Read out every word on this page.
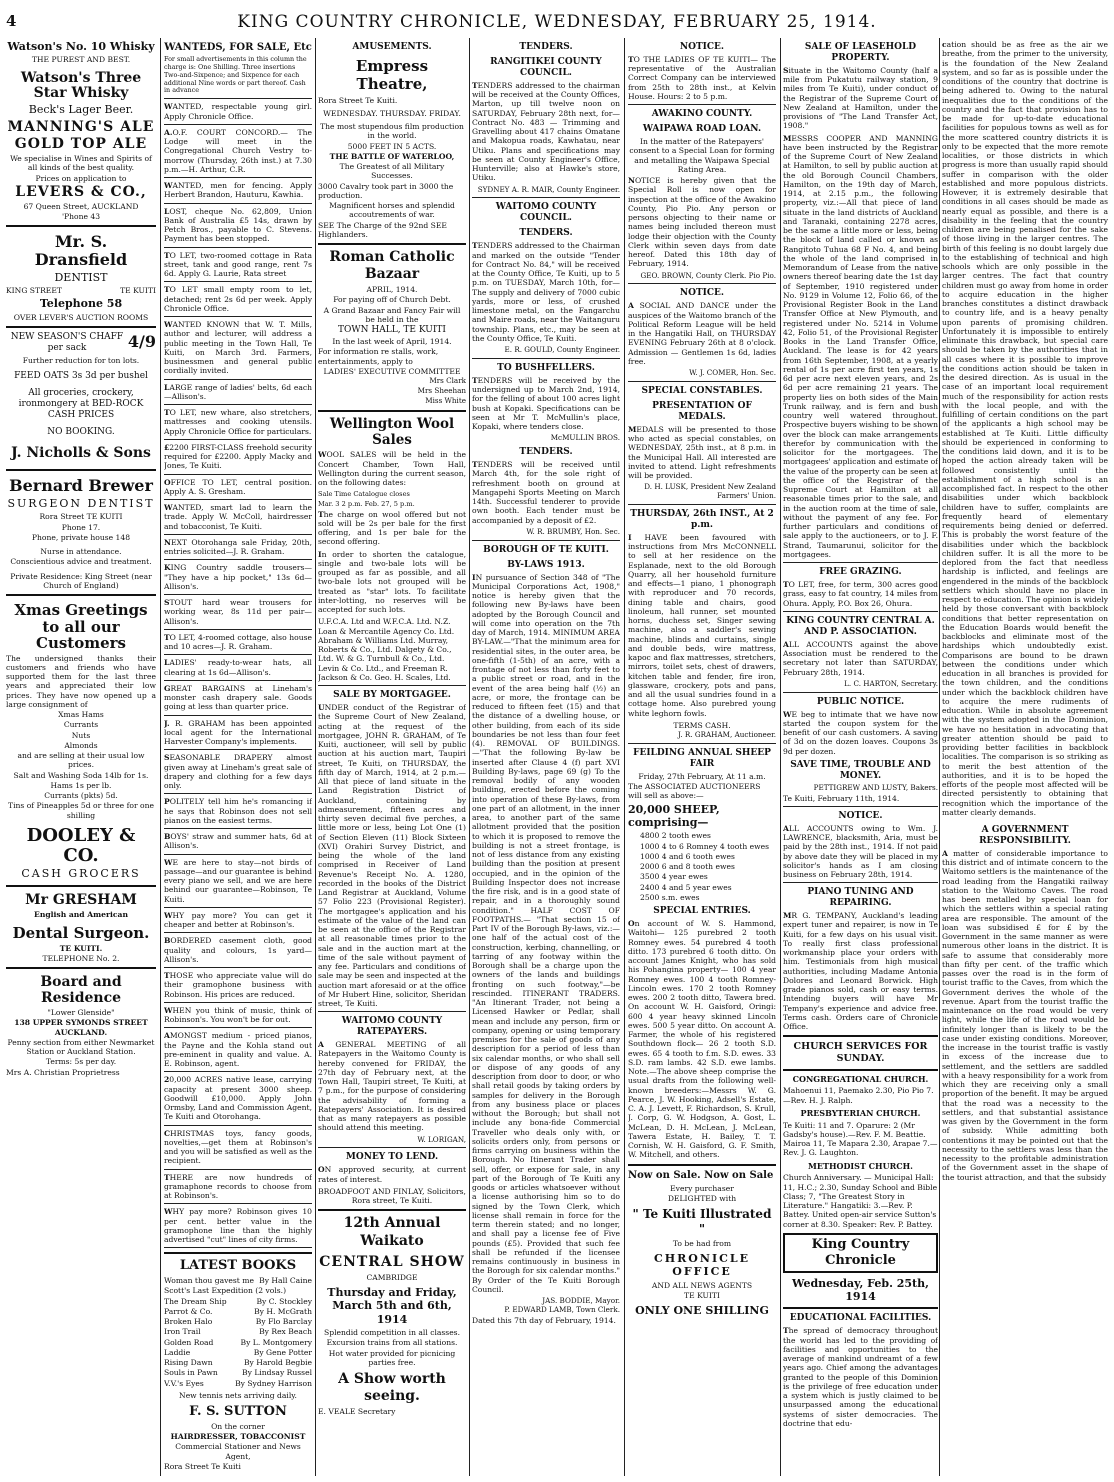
4	KING COUNTRY CHRONICLE, WEDNESDAY, FEBRUARY 25, 1914.
Watson's No. 10 Whisky
THE PUREST AND BEST.
Watson's Three Star Whisky
Beck's Lager Beer.
MANNING'S ALE
GOLD TOP ALE
We specialise in Wines and Spirits of all kinds of the best quality.
Prices on application to
LEVERS & CO.,
67 Queen Street, AUCKLAND
'Phone 43
Mr. S. Dransfield
DENTIST
KING STREET	TE KUITI
Telephone 58
OVER LEVER'S AUCTION ROOMS
NEW SEASON'S CHAFF per sack	4/9
Further reduction for ton lots.
FEED OATS 3s 3d per bushel
All groceries, crockery, ironmongery at BED-ROCK CASH PRICES
NO BOOKING.
J. Nicholls & Sons
Bernard Brewer
SURGEON DENTIST
Rora Street TE KUITI
Phone 17.
Phone, private house 148
Nurse in attendance.
Conscientious advice and treatment.
Private Residence: King Street (near Church of England)
Xmas Greetings to all our Customers
The undersigned thanks their customers and friends who have supported them for the last three years and appreciated their low prices. They have now opened up a large consignment of
Xmas Hams
Currants
Nuts
Almonds
and are selling at their usual low prices.
Salt and Washing Soda 14lb for 1s.
Hams 1s per lb.
Currants (pkts) 5d.
Tins of Pineapples 5d or three for one shilling
DOOLEY & CO.
CASH GROCERS
Mr GRESHAM
English and American
Dental Surgeon.
TE KUITI.
TELEPHONE No. 2.
Board and Residence
"Lower Glenside"
138 UPPER SYMONDS STREET AUCKLAND.
Penny section from either Newmarket Station or Auckland Station.
Terms: 5s per day.
Mrs A. Christian Proprietress
WANTEDS, FOR SALE, Etc
For small advertisements in this column the charge is: One Shilling. Three insertions Two-and-Sixpence; and Sixpence for each additional Nine words or part thereof. Cash in advance
WANTED, respectable young girl. Apply Chronicle Office.
A.O.F. COURT CONCORD.— The Lodge will meet in the Congregational Church Vestry to-morrow (Thursday, 26th inst.) at 7.30 p.m.—H. Arthur, C.R.
WANTED, men for fencing. Apply Herbert Brandon, Hauturu, Kawhia.
LOST, cheque No. 62,809, Union Bank of Australia £5 14s, drawn by Petch Bros., payable to C. Stevens. Payment has been stopped.
TO LET, two-roomed cottage in Rata street, tank and good range, rent 7s 6d. Apply G. Laurie, Rata street
TO LET small empty room to let, detached; rent 2s 6d per week. Apply Chronicle Office.
WANTED KNOWN that W. T. Mills, author and lecturer, will address a public meeting in the Town Hall, Te Kuiti, on March 3rd. Farmers, businessmen and general public cordially invited.
LARGE range of ladies' belts, 6d each—Allison's.
TO LET, new whare, also stretchers, mattresses and cooking utensils. Apply Chronicle Office for particulars.
£2200 FIRST-CLASS freehold security required for £2200. Apply Macky and Jones, Te Kuiti.
OFFICE TO LET, central position. Apply A. S. Gresham.
WANTED, smart lad to learn the trade. Apply W. McColl, hairdresser and tobacconist, Te Kuiti.
NEXT Otorohanga sale Friday, 20th, entries solicited—J. R. Graham.
KING Country saddle trousers— "They have a hip pocket," 13s 6d—Allison's.
STOUT hard wear trousers for working wear, 8s 11d per pair—Allison's.
TO LET, 4-roomed cottage, also house and 10 acres—J. R. Graham.
LADIES' ready-to-wear hats, all clearing at 1s 6d—Allison's.
GREAT BARGAINS at Lineham's monster cash drapery sale. Goods going at less than quarter price.
J. R. GRAHAM has been appointed local agent for the International Harvester Company's implements.
SEASONABLE DRAPERY almost given away at Lineham's great sale of drapery and clothing for a few days only.
POLITELY tell him he's romancing if he says that Robinson does not sell pianos on the easiest terms.
BOYS' straw and summer hats, 6d at Allison's.
WE are here to stay—not birds of passage—and our guarantee is behind every piano we sell, and we are here behind our guarantee—Robinson, Te Kuiti.
WHY pay more? You can get it cheaper and better at Robinson's.
BORDERED casement cloth, good quality and colours, 1s yard—Allison's.
THOSE who appreciate value will do their gramophone business with Robinson. His prices are reduced.
WHEN you think of music, think of Robinson's. You won't be for out.
AMONGST medium - priced pianos, the Payne and the Kohla stand out pre-eminent in quality and value. A. E. Robinson, agent.
20,000 ACRES native lease, carrying capacity at present 3000 sheep. Goodwill £10,000. Apply John Ormsby, Land and Commission Agent, Te Kuiti and Otorohanga.
CHRISTMAS toys, fancy goods, novelties,—get them at Robinson's and you will be satisfied as well as the recipient.
THERE are now hundreds of gramaphone records to choose from at Robinson's.
WHY pay more? Robinson gives 10 per cent. better value in the gramophone line than the highly advertised "cut" lines of city firms.
LATEST BOOKS
Woman thou gavest me By Hall Caine
Scott's Last Expedition (2 vols.)
The Dream Ship	By C. Stockley
Parrot & Co.	By H. McGrath
Broken Halo	By Flo Barclay
Iron Trail	By Rex Beach
Golden Road	By L. Montgomery
Laddie	By Gene Potter
Rising Dawn	By Harold Begbie
Souls in Pawn	By Lindsay Russel
V.V.'s Eyes	By Sydney Harrison
New tennis nets arriving daily.
F. S. SUTTON
On the corner
HAIRDRESSER, TOBACCONIST
Commercial Stationer and News Agent,
Rora Street Te Kuiti
AMUSEMENTS.
Empress Theatre,
Rora Street Te Kuiti.
WEDNESDAY. THURSDAY. FRIDAY.
The most stupendous film production in the world.
5000 FEET IN 5 ACTS.
THE BATTLE OF WATERLOO,
The Greatest of all Military Successes.
3000 Cavalry took part in 3000 the production.
Magnificent horses and splendid accoutrements of war.
SEE The Charge of the 92nd SEE Highlanders.
Roman Catholic Bazaar
APRIL, 1914.
For paying off of Church Debt.
A Grand Bazaar and Fancy Fair will be held in the
TOWN HALL, TE KUITI
In the last week of April, 1914.
For information re stalls, work, entertainments, apply to
LADIES' EXECUTIVE COMMITTEE
Mrs Clark
Mrs Sheehan
Miss White
Wellington Wool Sales
WOOL SALES will be held in the Concert Chamber, Town Hall, Wellington during the current season, on the following dates:
Sale Time Catalogue closes
Mar. 3 2 p.m. Feb. 27, 5 p.m.
The charge on wool offered but not sold will be 2s per bale for the first offering, and 1s per bale for the second offering.
In order to shorten the catalogue, single and two-bale lots will be grouped as far as possible, and all two-bale lots not grouped will be treated as "star" lots. To facilitate inter-lotting, no reserves will be accepted for such lots.
U.F.C.A. Ltd and W.F.C.A. Ltd. N.Z. Loan & Mercantile Agency Co. Ltd. Abraham & Williams Ltd. Murray, Roberts & Co., Ltd. Dalgety & Co., Ltd. W. & G. Turnbull & Co., Ltd. Levin & Co. Ltd., and Freeman R. Jackson & Co. Geo. H. Scales, Ltd.
SALE BY MORTGAGEE.
UNDER conduct of the Registrar of the Supreme Court of New Zealand, acting at the request of the mortgagee, JOHN R. GRAHAM, of Te Kuiti, auctioneer, will sell by public auction at his auction mart, Taupiri street, Te Kuiti, on THURSDAY, the fifth day of March, 1914, at 2 p.m.— All that piece of land situate in the Land Registration District of Auckland, containing by admeasurement, fifteen acres and thirty seven decimal five perches, a little more or less, being Lot One (1) of Section Eleven (11) Block Sixteen (XVI) Orahiri Survey District, and being the whole of the land comprised in Receiver of Land Revenue's Receipt No. A. 1280, recorded in the books of the District Land Registrar at Auckland, Volume 57 Folio 223 (Provisional Register). The mortgagee's application and his estimate of the value of the land can be seen at the office of the Registrar at all reasonable times prior to the sale and in the auction mart at the time of the sale without payment of any fee. Particulars and conditions of sale may be seen and inspected at the auction mart aforesaid or at the office of Mr Hubert Hine, solicitor, Sheridan street, Te Kuiti.
WAITOMO COUNTY RATEPAYERS.
A GENERAL MEETING of all Ratepayers in the Waitomo County is hereby convened for FRIDAY, the 27th day of February next, at the Town Hall, Taupiri street, Te Kuiti, at 7 p.m., for the purpose of considering the advisability of forming a Ratepayers' Association. It is desired that as many ratepayers as possible should attend this meeting.
W. LORIGAN,
MONEY TO LEND.
ON approved security, at current rates of interest.
BROADFOOT AND FINLAY, Solicitors, Rora street, Te Kuiti.
12th Annual Waikato
CENTRAL SHOW
CAMBRIDGE
Thursday and Friday, March 5th and 6th, 1914
Splendid competition in all classes.
Excursion trains from all stations.
Hot water provided for picnicing parties free.
A Show worth seeing.
E. VEALE Secretary
TENDERS.
RANGITIKEI COUNTY COUNCIL.
TENDERS addressed to the chairman will be received at the County Offices, Marton, up till twelve noon on SATURDAY, February 28th next, for— Contract No. 483 — Trimming and Gravelling about 417 chains Omatane and Makopua roads, Kawhatau, near Utiku. Plans and specifications may be seen at County Engineer's Office, Hunterville; also at Hawke's store, Utiku.
SYDNEY A. R. MAIR, County Engineer.
WAITOMO COUNTY COUNCIL.
TENDERS.
TENDERS addressed to the Chairman and marked on the outside "Tender for Contract No. 84," will be received at the County Office, Te Kuiti, up to 5 p.m. on TUESDAY, March 10th, for— The supply and delivery of 7000 cubic yards, more or less, of crushed limestone metal, on the Fangarchu and Maire roads, near the Waitanguru township. Plans, etc., may be seen at the County Office, Te Kuiti.
E. R. GOULD, County Engineer.
TO BUSHFELLERS.
TENDERS will be received by the undersigned up to March 2nd, 1914, for the felling of about 100 acres light bush at Kopaki. Specifications can be seen at Mr T. McMullin's place, Kopaki, where tenders close.
McMULLIN BROS.
TENDERS.
TENDERS will be received until March 4th, for the sole right of refreshment booth on ground at Mangapehi Sports Meeting on March 14th. Successful tenderer to provide own booth. Each tender must be accompanied by a deposit of £2.
W. R. BRUMBY, Hon. Sec.
BOROUGH OF TE KUITI.
BY-LAWS 1913.
IN pursuance of Section 348 of "The Municipal Corporations Act, 1908," notice is hereby given that the following new By-laws have been adopted by the Borough Council and will come into operation on the 7th day of March, 1914. MINIMUM AREA BY-LAW.—"That the minimum area for residential sites, in the outer area, be one-fifth (1-5th) of an acre, with a frontage of not less than forty feet to a public street or road, and in the event of the area being half (½) an acre, or more, the frontage can be reduced to fifteen feet (15) and that the distance of a dwelling house, or other building, from each of its side boundaries be not less than four feet (4). REMOVAL OF BUILDINGS.—"That the following By-law be inserted after Clause 4 (f) part XVI Building By-laws, page 69 (g) To the removal bodily of any wooden building, erected before the coming into operation of these By-laws, from one part of an allotment, in the inner area, to another part of the same allotment provided that the position to which it is proposed to remove the building is not a street frontage, is not of less distance from any existing building than the position at present occupied, and in the opinion of the Building Inspector does not increase the fire risk, and is in a good state of repair, and in a thoroughly sound condition." HALF COST OF FOOTPATHS.— "That section 15 of Part IV of the Borough By-laws, viz.:—one half of the actual cost of the construction, kerbing, channelling, or tarring of any footway within the Borough shall be a charge upon the owners of the lands and buildings fronting on such footway,"—be rescinded. ITINERANT TRADERS. "An Itinerant Trader, not being a Licensed Hawker or Pedlar, shall mean and include any person, firm or company, opening or using temporary premises for the sale of goods of any description for a period of less than six calendar months, or who shall sell or dispose of any goods of any description from door to door, or who shall retail goods by taking orders by samples for delivery in the Borough from any business place or places without the Borough; but shall not include any bona-fide Commercial Traveller who deals only with, or solicits orders only, from persons or firms carrying on business within the Borough. No Itinerant Trader shall sell, offer, or expose for sale, in any part of the Borough of Te Kuiti any goods or articles whatsoever without a license authorising him so to do signed by the Town Clerk, which license shall remain in force for the term therein stated; and no longer, and shall pay a license fee of Five pounds (£5). Provided that such fee shall be refunded if the licensee remains continuously in business in the Borough for six calendar months." By Order of the Te Kuiti Borough Council.
JAS. BODDIE, Mayor.
P. EDWARD LAMB, Town Clerk.
Dated this 7th day of February, 1914.
NOTICE.
TO THE LADIES OF TE KUITI— The representative of the Australian Correct Company can be interviewed from 25th to 28th inst., at Kelvin House. Hours: 2 to 5 p.m.
AWAKINO COUNTY.
WAIPAWA ROAD LOAN.
In the matter of the Ratepayers' consent to a Special Loan for forming and metalling the Waipawa Special Rating Area.
NOTICE is hereby given that the Special Roll is now open for inspection at the office of the Awakino County, Pio Pio. Any person or persons objecting to their name or names being included thereon must lodge their objection with the County Clerk within seven days from date hereof. Dated this 18th day of February, 1914.
GEO. BROWN, County Clerk. Pio Pio.
NOTICE.
A SOCIAL AND DANCE under the auspices of the Waitomo branch of the Political Reform League will be held in the Hangatiki Hall, on THURSDAY EVENING February 26th at 8 o'clock. Admission — Gentlemen 1s 6d, ladies free.
W. J. COMER, Hon. Sec.
SPECIAL CONSTABLES.
PRESENTATION OF MEDALS.
MEDALS will be presented to those who acted as special constables, on WEDNESDAY, 25th inst., at 8 p.m. in the Municipal Hall. All interested are invited to attend. Light refreshments will be provided.
D. H. LUSK, President New Zealand Farmers' Union.
THURSDAY, 26th INST., At 2 p.m.
I HAVE been favoured with instructions from Mrs McCONNELL to sell at her residence on the Esplanade, next to the old Borough Quarry, all her household furniture and effects—1 piano, 1 phonograph with reproducer and 70 records, dining table and chairs, good linoleum, hall runner, set mounted horns, duchess set, Singer sewing machine, also a saddler's sewing machine, blinds and curtains, single and double beds, wire mattress, kapoc and flax mattresses, stretchers, mirrors, toilet sets, chest of drawers, kitchen table and fender, fire iron, glassware, crockery, pots and pans, and all the usual sundries found in a cottage home. Also purebred young white leghorn fowls.
TERMS CASH.
J. R. GRAHAM, Auctioneer.
FEILDING ANNUAL SHEEP FAIR
Friday, 27th February, At 11 a.m.
The ASSOCIATED AUCTIONEERS will sell as above:—
20,000 SHEEP, comprising—
4800 2 tooth ewes
1000 4 to 6 Romney 4 tooth ewes
1000 4 and 6 tooth ewes
2000 6 and 8 tooth ewes
3500 4 year ewes
2400 4 and 5 year ewes
2500 s.m. ewes
SPECIAL ENTRIES.
On account of W. S. Hammond, Waitohi— 125 purebred 2 tooth Romney ewes. 54 purebred 4 tooth ditto. 173 purebred 6 tooth ditto. On account James Knight, who has sold his Pohangina property— 100 4 year Romney ewes. 100 4 tooth Romney-Lincoln ewes. 170 2 tooth Romney ewes. 200 2 tooth ditto, Tawera bred. On account W. H. Gaisford, Oringi: 600 4 year heavy skinned Lincoln ewes. 500 5 year ditto. On account A. Farmer, the whole of his registered Southdown flock— 26 2 tooth S.D. ewes. 65 4 tooth to f.m. S.D. ewes. 33 S.D. ram lambs. 42 S.D. ewe lambs. Note.—The above sheep comprise the usual drafts from the following well-known breeders:—Messrs W. G. Pearce, J. W. Hooking, Adsell's Estate, C. A. J. Levett, F. Richardson, S. Krull, J. Corp, G. W. Hodgson, A. Gost, L. McLean, D. H. McLean, J. McLean, Tawera Estate, H. Bailey, T. T. Cornish, W. H. Gaisford, G. F. Smith, W. Mitchell, and others.
Now on Sale. Now on Sale
Every purchaser
DELIGHTED with
" Te Kuiti Illustrated "
To be had from
CHRONICLE OFFICE
AND ALL NEWS AGENTS
TE KUITI
ONLY ONE SHILLING
SALE OF LEASEHOLD PROPERTY.
Situate in the Waitomo County (half a mile from Pukatutu railway station, 9 miles from Te Kuiti), under conduct of the Registrar of the Supreme Court of New Zealand at Hamilton, under the provisions of "The Land Transfer Act, 1908."
MESSRS COOPER AND MANNING have been instructed by the Registrar of the Supreme Court of New Zealand at Hamilton, to sell by public auction at the old Borough Council Chambers, Hamilton, on the 19th day of March, 1914, at 2.15 p.m., the following property, viz.:—All that piece of land situate in the land districts of Auckland and Taranaki, containing 2278 acres, be the same a little more or less, being the block of land called or known as Rangitoto Tuhua 68 F No. 4, and being the whole of the land comprised in Memorandum of Lease from the native owners thereof bearing date the 1st day of September, 1910 registered under No. 9129 in Volume 12, Folio 66, of the Provisional Register Book in the Land Transfer Office at New Plymouth, and registered under No. 5214 in Volume 42, Folio 51, of the Provisional Register Books in the Land Transfer Office, Auckland. The lease is for 42 years from 16th September, 1908, at a yearly rental of 1s per acre first ten years, 1s 6d per acre next eleven years, and 2s 6d per acre remaining 21 years. The property lies on both sides of the Main Trunk railway, and is fern and bush country well watered throughout. Prospective buyers wishing to be shown over the block can make arrangements therefor by communication with the solicitor for the mortgagees. The mortgagees' application and estimate of the value of the property can be seen at the office of the Registrar of the Supreme Court at Hamilton at all reasonable times prior to the sale, and in the auction room at the time of sale, without the payment of any fee. For further particulars and conditions of sale apply to the auctioneers, or to J. F. Strand, Taumarunui, solicitor for the mortgagees.
FREE GRAZING.
TO LET, free, for term, 300 acres good grass, easy to fat country, 14 miles from Ohura. Apply, P.O. Box 26, Ohura.
KING COUNTRY CENTRAL A. AND P. ASSOCIATION.
ALL ACCOUNTS against the above Association must be rendered to the secretary not later than SATURDAY, February 28th, 1914.
L. C. HARTON, Secretary.
PUBLIC NOTICE.
WE beg to intimate that we have now started the coupon system for the benefit of our cash customers. A saving of 3d on the dozen loaves. Coupons 3s 9d per dozen.
SAVE TIME, TROUBLE AND MONEY.
PETTIGREW AND LUSTY, Bakers.
Te Kuiti, February 11th, 1914.
NOTICE.
ALL ACCOUNTS owing to Wm. J. LAWRENCE, blacksmith, Aria, must be paid by the 28th inst., 1914. If not paid by above date they will be placed in my solicitor's hands as I am closing business on February 28th, 1914.
PIANO TUNING AND REPAIRING.
MR G. TEMPANY, Auckland's leading expert tuner and repairer, is now in Te Kuiti, for a few days on his usual visit. To really first class professional workmanship place your orders with him. Testimonials from high musical authorities, including Madame Antonia Dolores and Leonard Borwick. High grade pianos sold, cash or easy terms. Intending buyers will have Mr Tempany's experience and advice free. Terms cash. Orders care of Chronicle Office.
CHURCH SERVICES FOR SUNDAY.
CONGREGATIONAL CHURCH.
Mahoenui 11, Paemako 2.30, Pio Pio 7.—Rev. H. J. Ralph.
PRESBYTERIAN CHURCH.
Te Kuiti: 11 and 7. Oparure: 2 (Mr Gadsby's house).—Rev. F. M. Beattie. Mairoa 11, Te Mapara 2.30, Arapae 7.—Rev. J. G. Laughton.
METHODIST CHURCH.
Church Anniversary. — Municipal Hall: 11, H.C.; 2.30, Sunday School and Bible Class; 7, "The Greatest Story in Literature." Hangatiki: 3.—Rev. P. Battey. United open-air service Sutton's corner at 8.30. Speaker: Rev. P. Battey.
King Country Chronicle
Wednesday, Feb. 25th, 1914
EDUCATIONAL FACILITIES.
The spread of democracy throughout the world has led to the providing of facilities and opportunities to the average of mankind undreamt of a few years ago. Chief among the advantages granted to the people of this Dominion is the privilege of free education under a system which is justly claimed to be unsurpassed among the educational systems of sister democracies. The doctrine that edu-
cation should be as free as the air we breathe, from the primer to the university, is the foundation of the New Zealand system, and so far as is possible under the conditions of the country that doctrine is being adhered to. Owing to the natural inequalities due to the conditions of the country and the fact that provision has to be made for up-to-date educational facilities for populous towns as well as for the more scattered country districts it is only to be expected that the more remote localities, or those districts in which progress is more than usually rapid should suffer in comparison with the older established and more populous districts. However, it is extremely desirable that conditions in all cases should be made as nearly equal as possible, and there is a disability in the feeling that the country children are being penalised for the sake of those living in the larger centres. The birth of this feeling is no doubt largely due to the establishing of technical and high schools which are only possible in the larger centres. The fact that country children must go away from home in order to acquire education in the higher branches constitutes a distinct drawback to country life, and is a heavy penalty upon parents of promising children. Unfortunately it is impossible to entirely eliminate this drawback, but special care should be taken by the authorities that in all cases where it is possible to improve the conditions action should be taken in the desired direction. As is usual in the case of an important local requirement much of the responsibility for action rests with the local people, and with the fulfilling of certain conditions on the part of the applicants a high school may be established at Te Kuiti. Little difficulty should be experienced in conforming to the conditions laid down, and it is to be hoped the action already taken will be followed consistently until the establishment of a high school is an accomplished fact. In respect to the other disabilities under which backblock children have to suffer, complaints are frequently heard of elementary requirements being denied or deferred. This is probably the worst feature of the disabilities under which the backblock children suffer. It is all the more to be deplored from the fact that needless hardship is inflicted, and feelings are engendered in the minds of the backblock settlers which should have no place in respect to education. The opinion is widely held by those conversant with backblock conditions that better representation on the Education Boards would benefit the backblocks and eliminate most of the hardships which undoubtedly exist. Comparisons are bound to be drawn between the conditions under which education in all branches is provided for the town children, and the conditions under which the backblock children have to acquire the mere rudiments of education. While in absolute agreement with the system adopted in the Dominion, we have no hesitation in advocating that greater attention should be paid to providing better facilities in backblock localities. The comparison is so striking as to merit the best attention of the authorities, and it is to be hoped the efforts of the people most affected will be directed persistently to obtaining that recognition which the importance of the matter clearly demands.
A GOVERNMENT RESPONSIBILITY.
A matter of considerable importance to this district and of intimate concern to the Waitomo settlers is the maintenance of the road leading from the Hangatiki railway station to the Waitomo Caves. The road has been metalled by special loan for which the settlers within a special rating area are responsible. The amount of the loan was subsidised £ for £ by the Government in the same manner as were numerous other loans in the district. It is safe to assume that considerably more than fifty per cent. of the traffic which passes over the road is in the form of tourist traffic to the Caves, from which the Government derives the whole of the revenue. Apart from the tourist traffic the maintenance on the road would be very light, while the life of the road would be infinitely longer than is likely to be the case under existing conditions. Moreover, the increase in the tourist traffic is vastly in excess of the increase due to settlement, and the settlers are saddled with a heavy responsibility for a work from which they are receiving only a small proportion of the benefit. It may be argued that the road was a necessity to the settlers, and that substantial assistance was given by the Government in the form of subsidy. While admitting both contentions it may be pointed out that the necessity to the settlers was less than the necessity to the profitable administration of the Government asset in the shape of the tourist attraction, and that the subsidy
